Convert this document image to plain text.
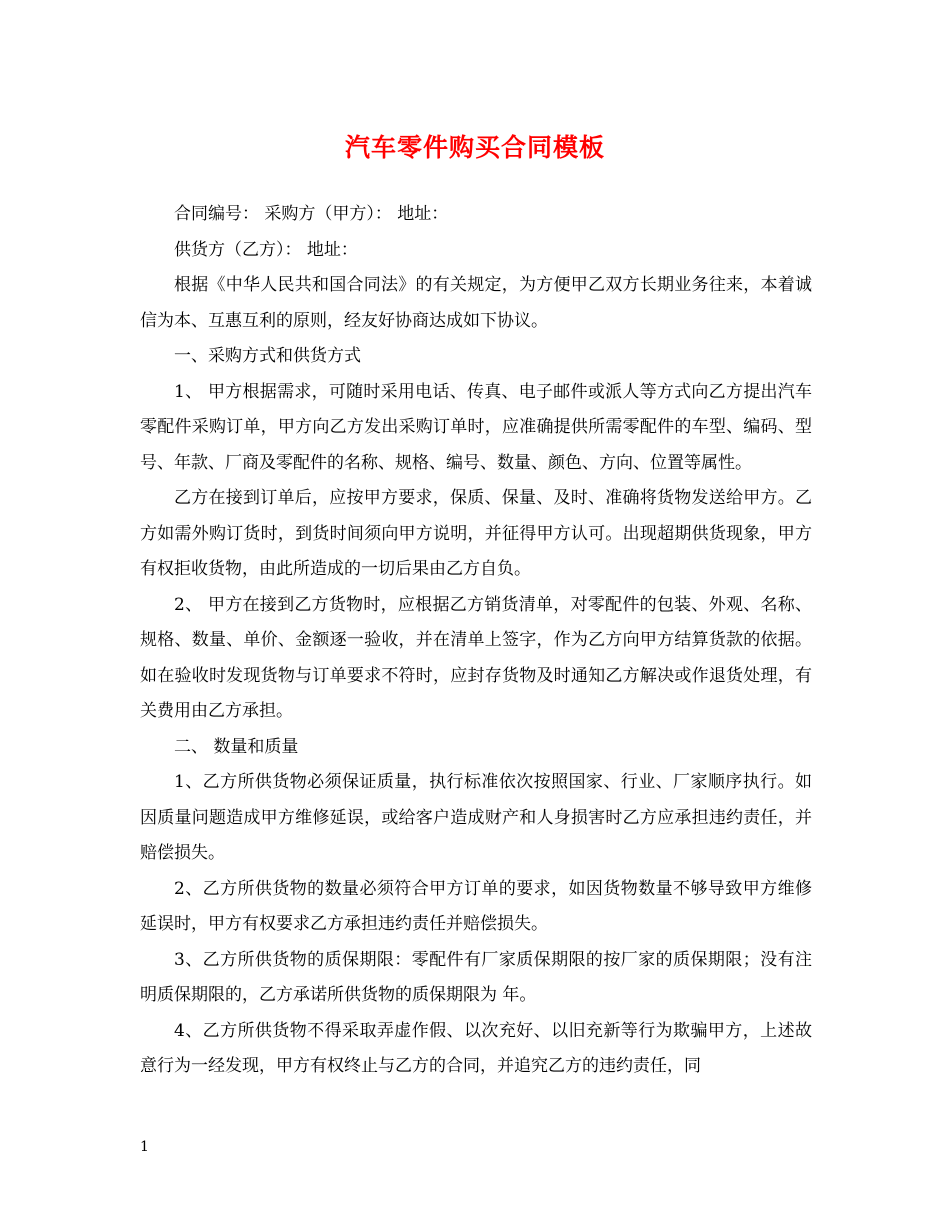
汽车零件购买合同模板

合同编号： 采购方（甲方）： 地址：

供货方（乙方）： 地址：

根据《中华人民共和国合同法》的有关规定，为方便甲乙双方长期业务往来，本着诚信为本、互惠互利的原则，经友好协商达成如下协议。

一、采购方式和供货方式

1、 甲方根据需求，可随时采用电话、传真、电子邮件或派人等方式向乙方提出汽车零配件采购订单，甲方向乙方发出采购订单时，应准确提供所需零配件的车型、编码、型号、年款、厂商及零配件的名称、规格、编号、数量、颜色、方向、位置等属性。

乙方在接到订单后，应按甲方要求，保质、保量、及时、准确将货物发送给甲方。乙方如需外购订货时，到货时间须向甲方说明，并征得甲方认可。出现超期供货现象，甲方有权拒收货物，由此所造成的一切后果由乙方自负。

2、 甲方在接到乙方货物时，应根据乙方销货清单，对零配件的包装、外观、名称、规格、数量、单价、金额逐一验收，并在清单上签字，作为乙方向甲方结算货款的依据。如在验收时发现货物与订单要求不符时，应封存货物及时通知乙方解决或作退货处理，有关费用由乙方承担。

二、 数量和质量

1、乙方所供货物必须保证质量，执行标准依次按照国家、行业、厂家顺序执行。如因质量问题造成甲方维修延误，或给客户造成财产和人身损害时乙方应承担违约责任，并赔偿损失。

2、乙方所供货物的数量必须符合甲方订单的要求，如因货物数量不够导致甲方维修延误时，甲方有权要求乙方承担违约责任并赔偿损失。

3、乙方所供货物的质保期限：零配件有厂家质保期限的按厂家的质保期限；没有注明质保期限的，乙方承诺所供货物的质保期限为 年。

4、乙方所供货物不得采取弄虚作假、以次充好、以旧充新等行为欺骗甲方，上述故意行为一经发现，甲方有权终止与乙方的合同，并追究乙方的违约责任，同

1
